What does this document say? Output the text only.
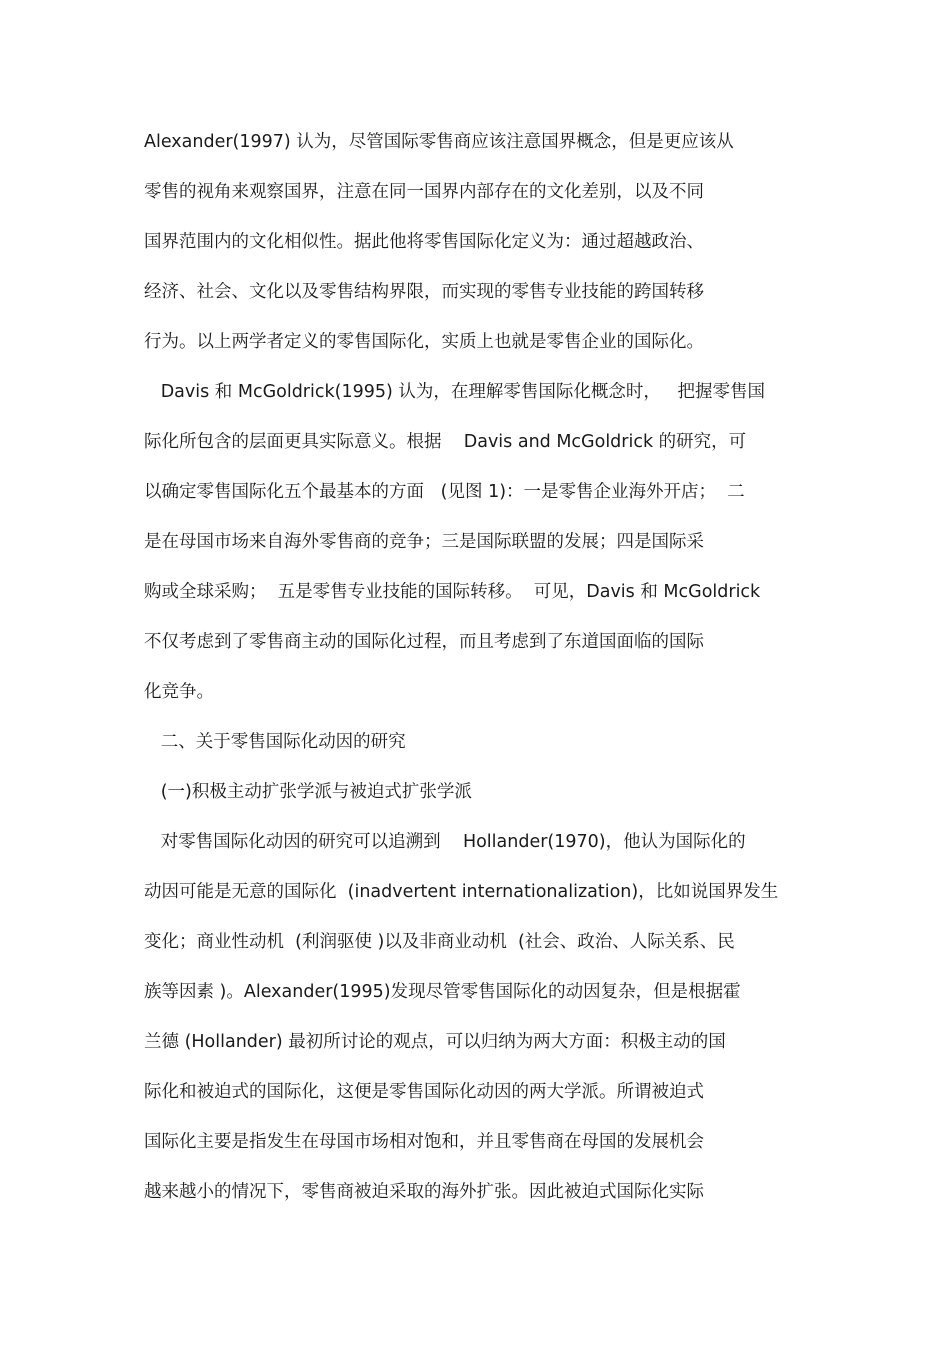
Alexander(1997) 认为，尽管国际零售商应该注意国界概念，但是更应该从

零售的视角来观察国界，注意在同一国界内部存在的文化差别，以及不同

国界范围内的文化相似性。据此他将零售国际化定义为：通过超越政治、

经济、社会、文化以及零售结构界限，而实现的零售专业技能的跨国转移

行为。以上两学者定义的零售国际化，实质上也就是零售企业的国际化。

Davis 和 McGoldrick(1995) 认为，在理解零售国际化概念时，   把握零售国

际化所包含的层面更具实际意义。根据    Davis and McGoldrick 的研究，可

以确定零售国际化五个最基本的方面   (见图 1)：一是零售企业海外开店；  二

是在母国市场来自海外零售商的竞争；三是国际联盟的发展；四是国际采

购或全球采购；  五是零售专业技能的国际转移。  可见，Davis 和 McGoldrick

不仅考虑到了零售商主动的国际化过程，而且考虑到了东道国面临的国际

化竞争。

二、关于零售国际化动因的研究

(一)积极主动扩张学派与被迫式扩张学派

对零售国际化动因的研究可以追溯到    Hollander(1970)，他认为国际化的

动因可能是无意的国际化  (inadvertent internationalization)，比如说国界发生

变化；商业性动机  (利润驱使 )以及非商业动机  (社会、政治、人际关系、民

族等因素 )。Alexander(1995)发现尽管零售国际化的动因复杂，但是根据霍

兰德 (Hollander) 最初所讨论的观点，可以归纳为两大方面：积极主动的国

际化和被迫式的国际化，这便是零售国际化动因的两大学派。所谓被迫式

国际化主要是指发生在母国市场相对饱和，并且零售商在母国的发展机会

越来越小的情况下，零售商被迫采取的海外扩张。因此被迫式国际化实际
